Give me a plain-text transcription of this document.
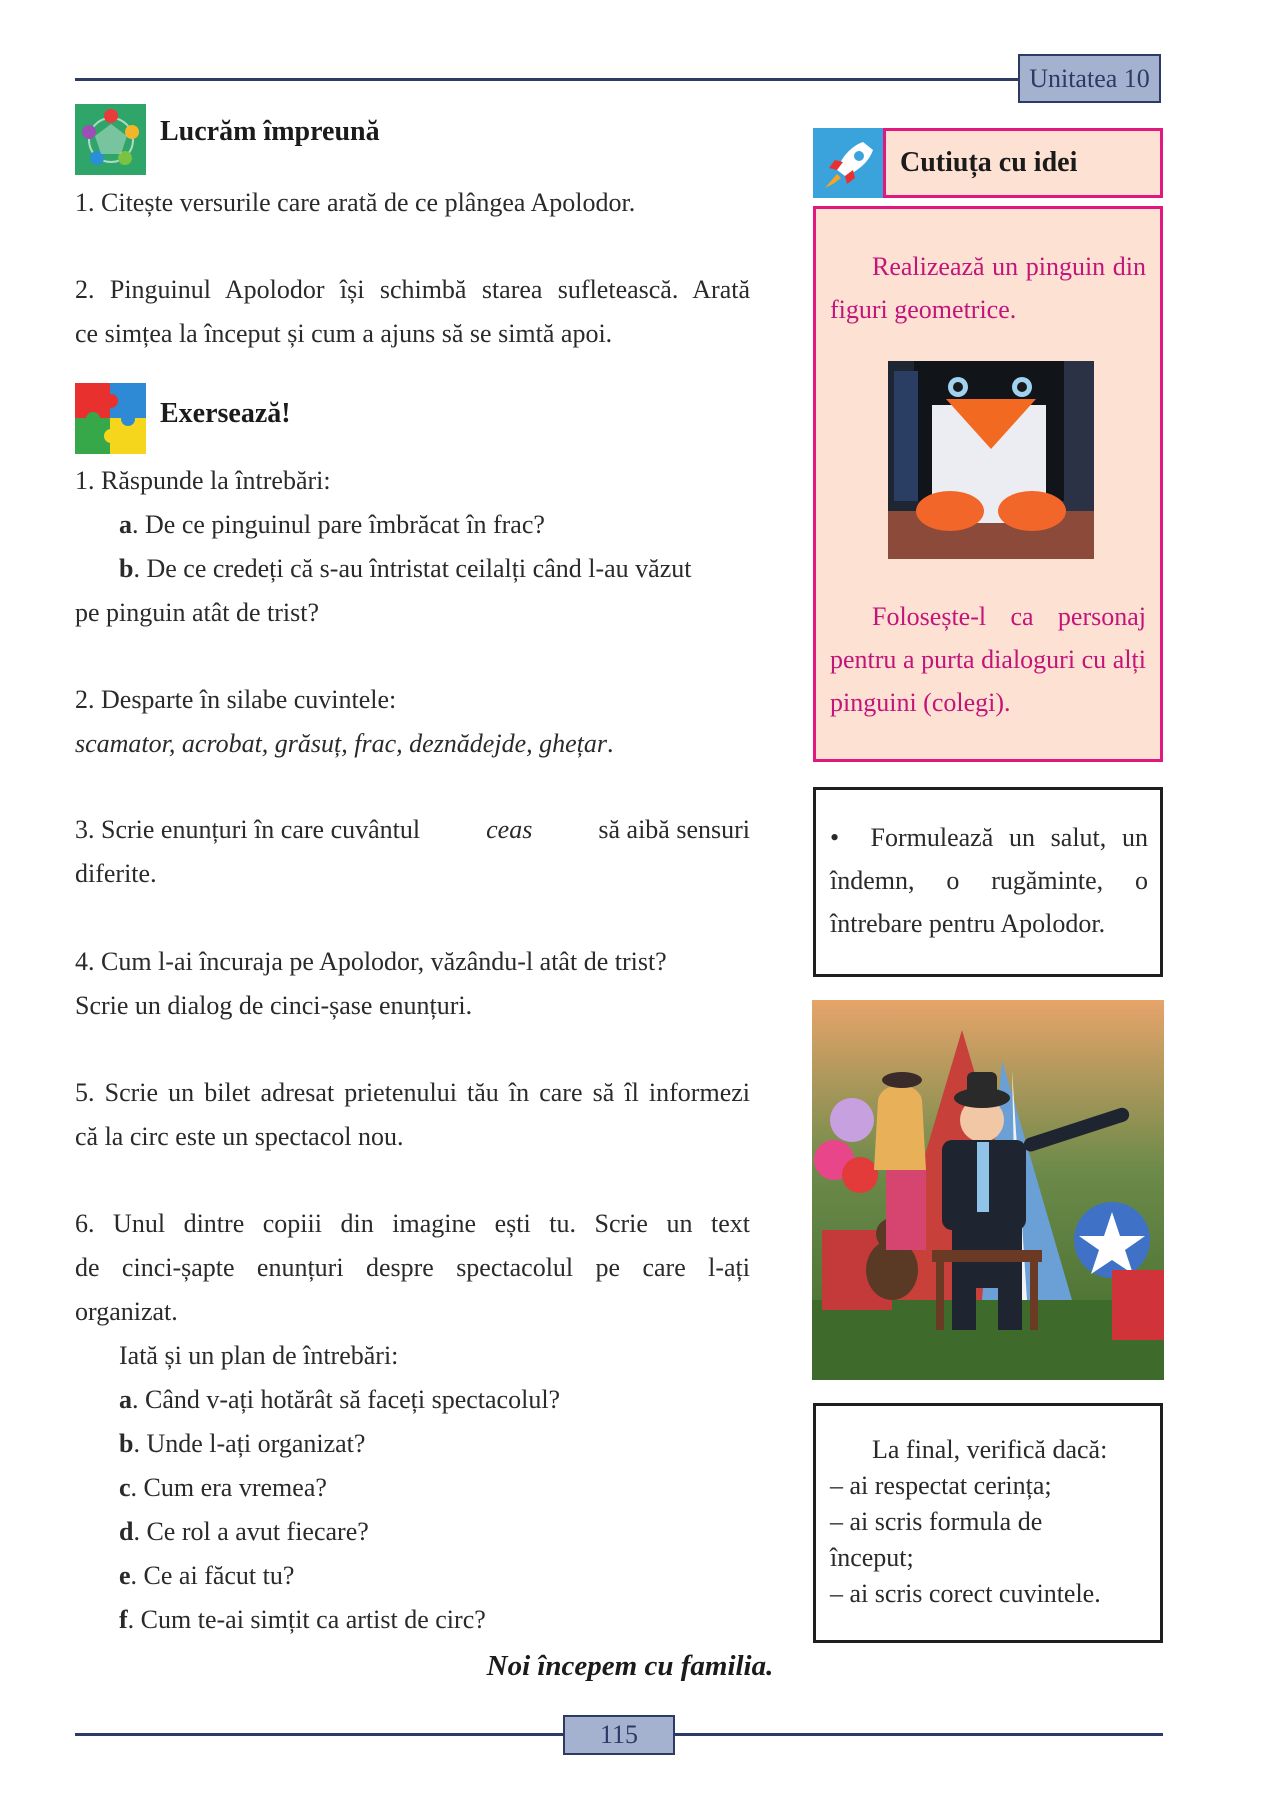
Unitatea 10
Lucrăm împreună
1. Citește versurile care arată de ce plângea Apolodor.
2. Pinguinul Apolodor își schimbă starea sufletească. Arată
ce simțea la început și cum a ajuns să se simtă apoi.
Exersează!
1. Răspunde la întrebări:
a. De ce pinguinul pare îmbrăcat în frac?
b. De ce credeți că s-au întristat ceilalți când l-au văzut
pe pinguin atât de trist?
2. Desparte în silabe cuvintele:
scamator, acrobat, grăsuț, frac, deznădejde, ghețar.
3. Scrie enunțuri în care cuvântul	ceas	să aibă sensuri
diferite.
4. Cum l-ai încuraja pe Apolodor, văzându-l atât de trist?
Scrie un dialog de cinci-șase enunțuri.
5. Scrie un bilet adresat prietenului tău în care să îl informezi
că la circ este un spectacol nou.
6. Unul dintre copiii din imagine ești tu. Scrie un text
de cinci-șapte enunțuri despre spectacolul pe care l-ați
organizat.
Iată și un plan de întrebări:
a. Când v-ați hotărât să faceți spectacolul?
b. Unde l-ați organizat?
c. Cum era vremea?
d. Ce rol a avut fiecare?
e. Ce ai făcut tu?
f. Cum te-ai simțit ca artist de circ?
Cutiuța cu idei
Realizează un pinguin din figuri geometrice.
Folosește-l ca personaj pentru a purta dialoguri cu alți pinguini (colegi).
• Formulează un salut, un îndemn, o rugăminte, o întrebare pentru Apolodor.
La final, verifică dacă:
– ai respectat cerința;
– ai scris formula de
început;
– ai scris corect cuvintele.
Noi începem cu familia.
115
